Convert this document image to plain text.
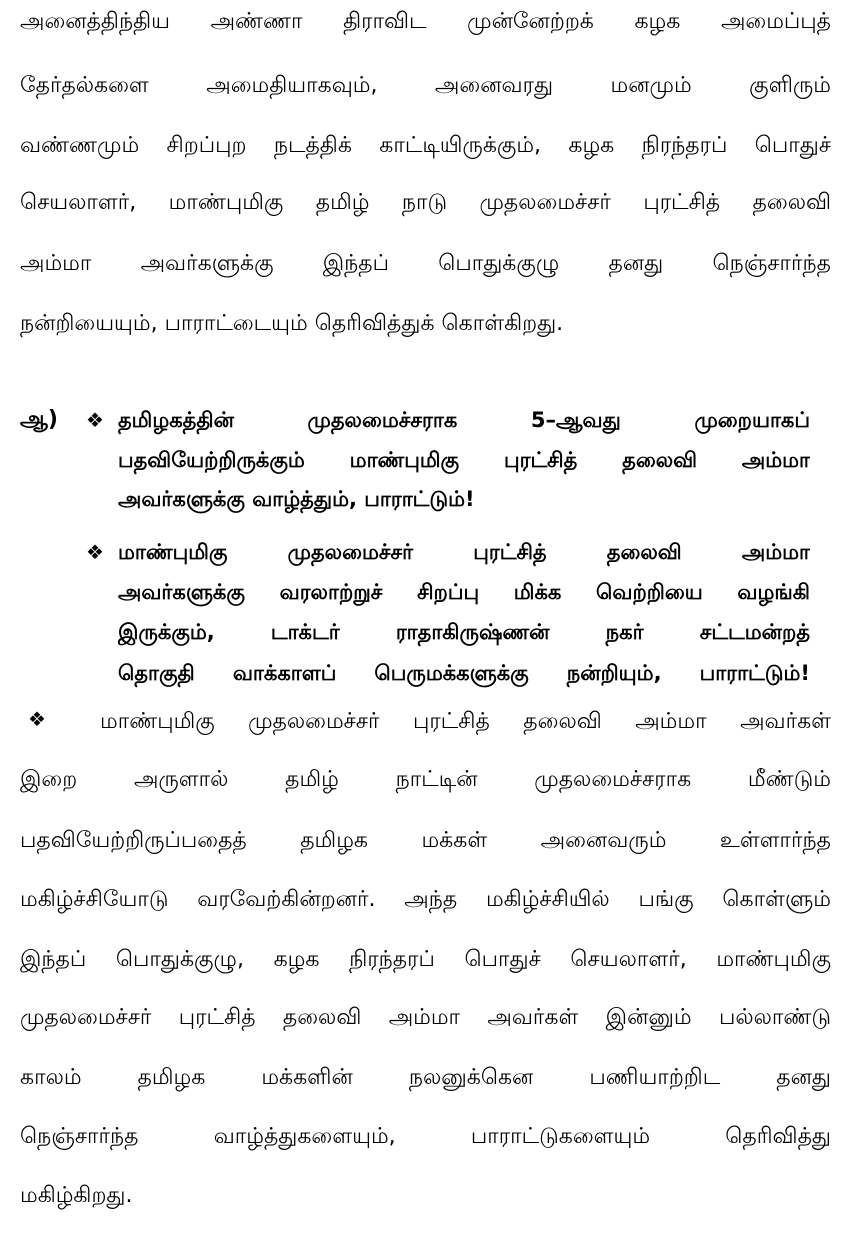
அனைத்திந்திய அண்ணா திராவிட முன்னேற்றக் கழக அமைப்புத்
தேர்தல்களை அமைதியாகவும், அனைவரது மனமும் குளிரும்
வண்ணமும் சிறப்புற நடத்திக் காட்டியிருக்கும், கழக நிரந்தரப் பொதுச்
செயலாளர், மாண்புமிகு தமிழ் நாடு முதலமைச்சர் புரட்சித் தலைவி
அம்மா அவர்களுக்கு இந்தப் பொதுக்குழு தனது நெஞ்சார்ந்த
நன்றியையும், பாராட்டையும் தெரிவித்துக் கொள்கிறது.
ஆ)	❖ தமிழகத்தின் முதலமைச்சராக 5–ஆவது முறையாகப்
பதவியேற்றிருக்கும் மாண்புமிகு புரட்சித் தலைவி அம்மா
அவர்களுக்கு வாழ்த்தும், பாராட்டும்!
❖ மாண்புமிகு முதலமைச்சர் புரட்சித் தலைவி அம்மா
அவர்களுக்கு வரலாற்றுச் சிறப்பு மிக்க வெற்றியை வழங்கி
இருக்கும், டாக்டர் ராதாகிருஷ்ணன் நகர் சட்டமன்றத்
தொகுதி வாக்காளப் பெருமக்களுக்கு நன்றியும், பாராட்டும்!
❖ மாண்புமிகு முதலமைச்சர் புரட்சித் தலைவி அம்மா அவர்கள்
இறை அருளால் தமிழ் நாட்டின் முதலமைச்சராக மீண்டும்
பதவியேற்றிருப்பதைத் தமிழக மக்கள் அனைவரும் உள்ளார்ந்த
மகிழ்ச்சியோடு வரவேற்கின்றனர். அந்த மகிழ்ச்சியில் பங்கு கொள்ளும்
இந்தப் பொதுக்குழு, கழக நிரந்தரப் பொதுச் செயலாளர், மாண்புமிகு
முதலமைச்சர் புரட்சித் தலைவி அம்மா அவர்கள் இன்னும் பல்லாண்டு
காலம் தமிழக மக்களின் நலனுக்கென பணியாற்றிட தனது
நெஞ்சார்ந்த வாழ்த்துகளையும், பாராட்டுகளையும் தெரிவித்து
மகிழ்கிறது.
